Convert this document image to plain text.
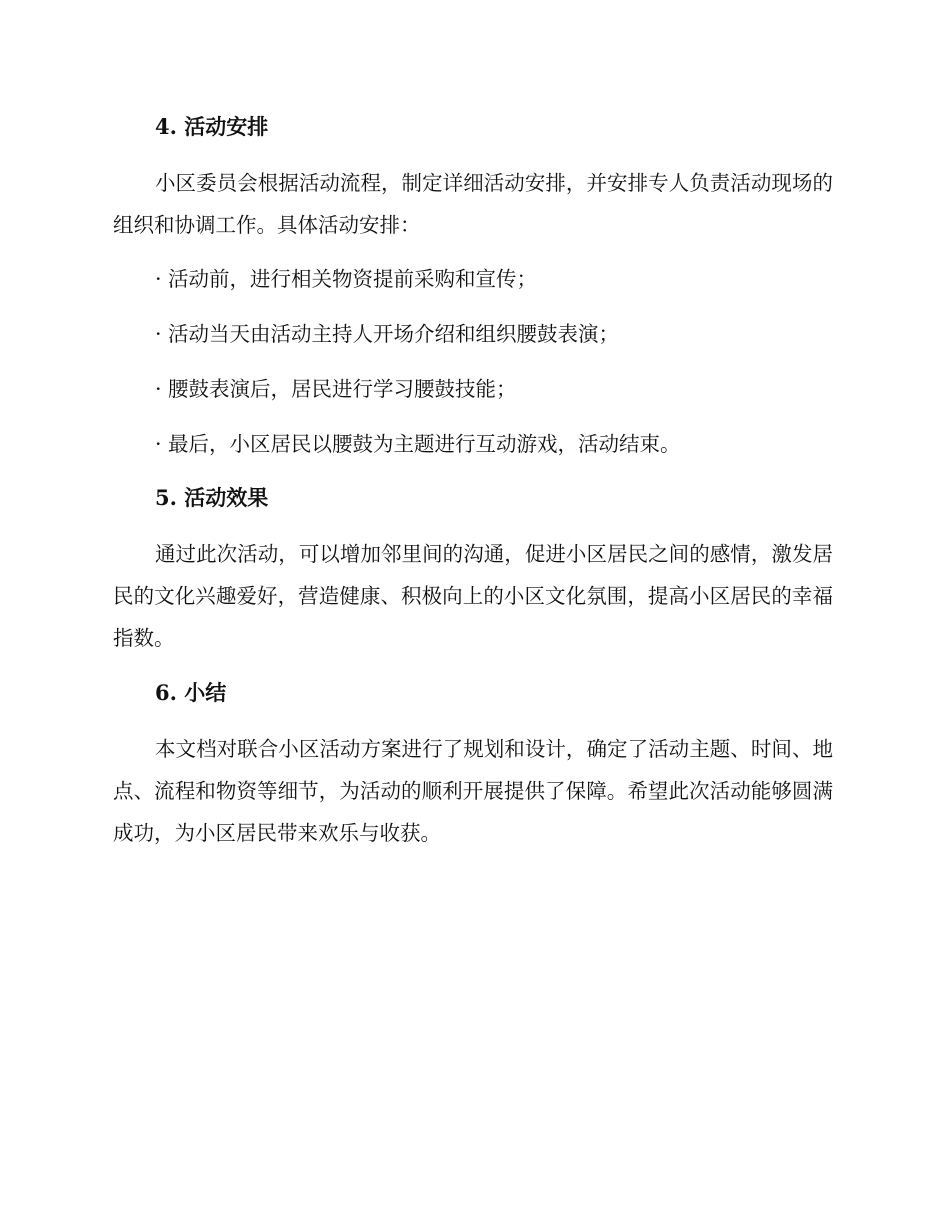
4. 活动安排

小区委员会根据活动流程，制定详细活动安排，并安排专人负责活动现场的组织和协调工作。具体活动安排：

· 活动前，进行相关物资提前采购和宣传；

· 活动当天由活动主持人开场介绍和组织腰鼓表演；

· 腰鼓表演后，居民进行学习腰鼓技能；

· 最后，小区居民以腰鼓为主题进行互动游戏，活动结束。

5. 活动效果

通过此次活动，可以增加邻里间的沟通，促进小区居民之间的感情，激发居民的文化兴趣爱好，营造健康、积极向上的小区文化氛围，提高小区居民的幸福指数。

6. 小结

本文档对联合小区活动方案进行了规划和设计，确定了活动主题、时间、地点、流程和物资等细节，为活动的顺利开展提供了保障。希望此次活动能够圆满成功，为小区居民带来欢乐与收获。
